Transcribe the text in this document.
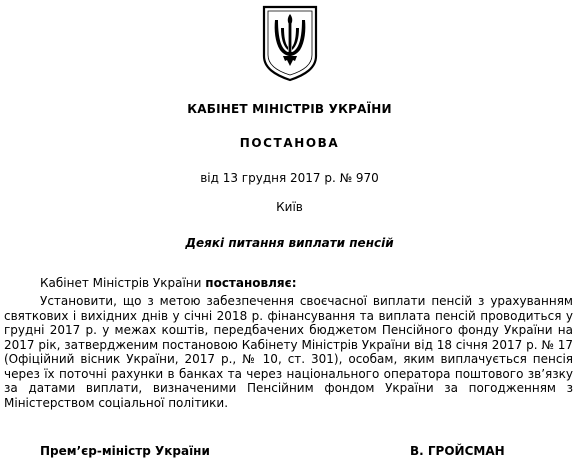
КАБІНЕТ МІНІСТРІВ УКРАЇНИ
ПОСТАНОВА
від 13 грудня 2017 р. № 970
Київ
Деякі питання виплати пенсій
Кабінет Міністрів України постановляє:

Установити, що з метою забезпечення своєчасної виплати пенсій з урахуванням святкових і вихідних днів у січні 2018 р. фінансування та виплата пенсій проводиться у грудні 2017 р. у межах коштів, передбачених бюджетом Пенсійного фонду України на 2017 рік, затвердженим постановою Кабінету Міністрів України від 18 січня 2017 р. № 17 (Офіційний вісник України, 2017 р., № 10, ст. 301), особам, яким виплачується пенсія через їх поточні рахунки в банках та через національного оператора поштового зв’язку за датами виплати, визначеними Пенсійним фондом України за погодженням з Міністерством соціальної політики.

Прем’єр-міністр України	В. ГРОЙСМАН
